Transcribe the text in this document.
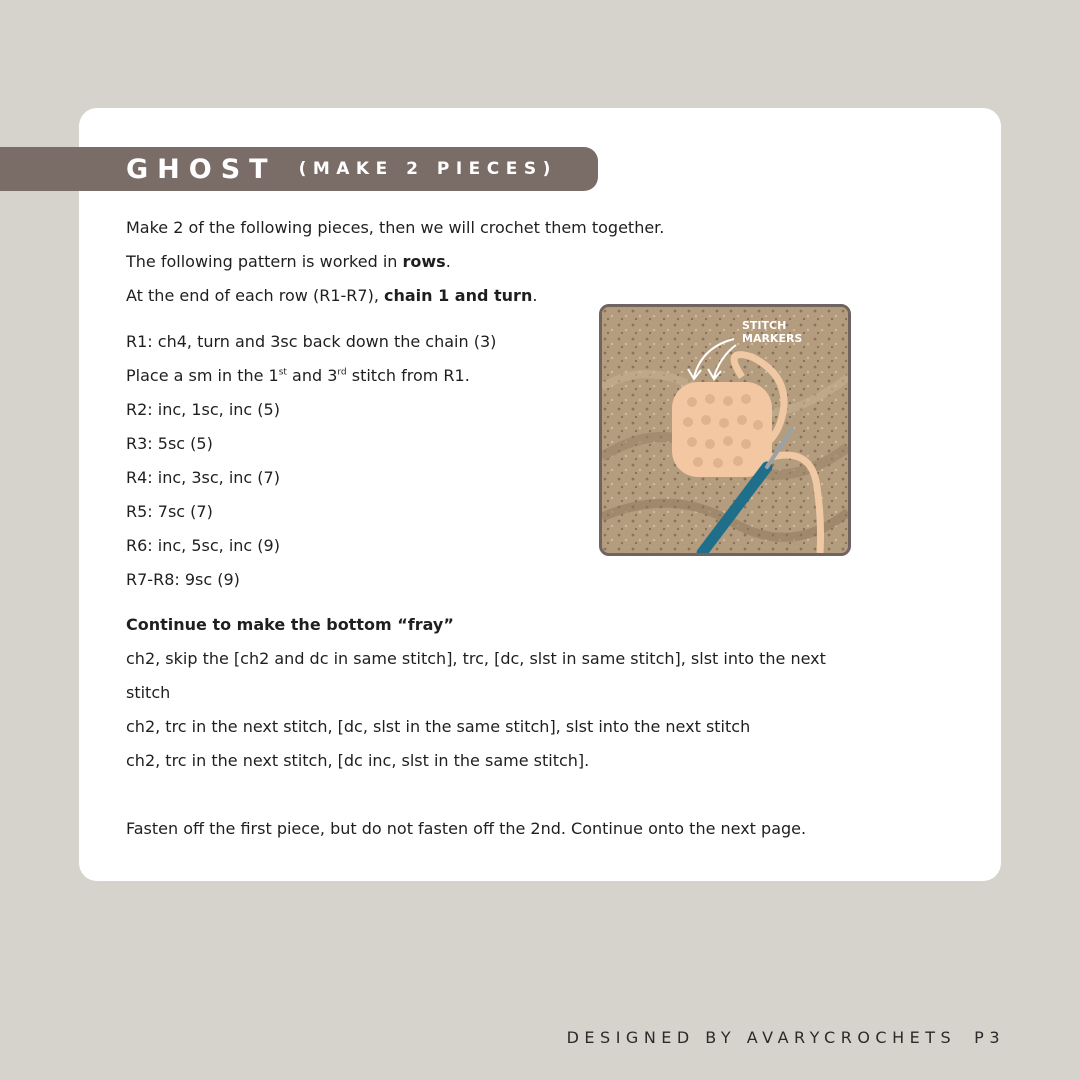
GHOST (MAKE 2 PIECES)
Make 2 of the following pieces, then we will crochet them together.
The following pattern is worked in rows.
At the end of each row (R1-R7), chain 1 and turn.
R1: ch4, turn and 3sc back down the chain (3)
Place a sm in the 1st and 3rd stitch from R1.
R2: inc, 1sc, inc (5)
R3: 5sc (5)
R4: inc, 3sc, inc (7)
R5: 7sc (7)
R6: inc, 5sc, inc (9)
R7-R8: 9sc (9)
Continue to make the bottom “fray”
ch2, skip the [ch2 and dc in same stitch], trc, [dc, slst in same stitch], slst into the next
stitch
ch2, trc in the next stitch, [dc, slst in the same stitch], slst into the next stitch
ch2, trc in the next stitch, [dc inc, slst in the same stitch].
Fasten off the first piece, but do not fasten off the 2nd. Continue onto the next page.
STITCH
MARKERS
DESIGNED BY AVARYCROCHETS P3
